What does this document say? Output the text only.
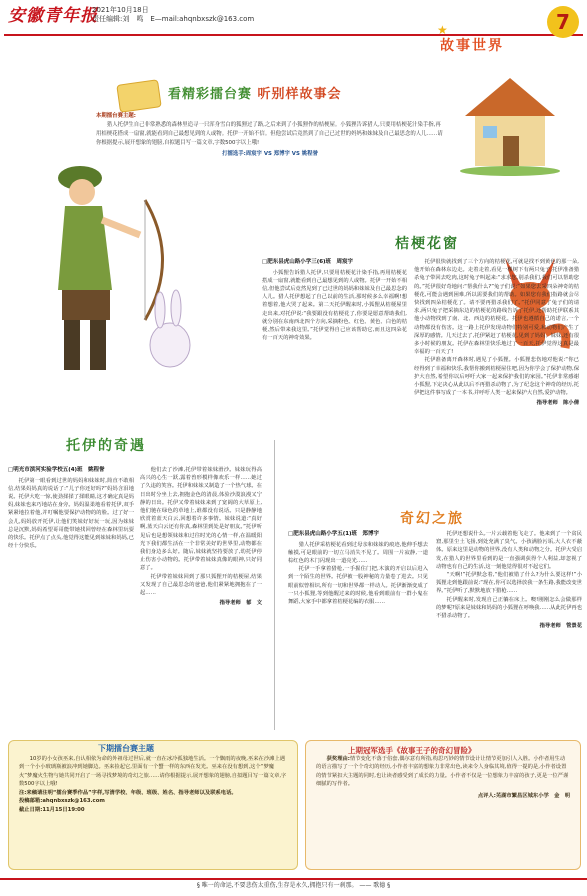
安徽青年报
2021年10月18日
责任编辑:刘　鸣　E—mail:ahqnbxszk@163.com
★
故事世界
7
看精彩擂台赛 听别样故事会
本期擂台赛主题:
猎人托伊生自己非常熟悉的森林里追寻一只浑身雪白的狐狸过了路,之后来到了小狐狸作的桔梗屋。小狐狸告诉猎人,只要用桔梗花汁染手指,再用桔梗花搭成一扇窗,就能看到自己最想见到的人或物。托伊一开始不信。但他尝试后竟然到了自己已过世的妈妈和妹妹及自己最思念的人儿……请你根据提示,展开想象的翅膀,自拟题目写一篇文章,字数500字以上哦!
打擂选手:周宸宇 VS 郑博宇 VS 姚程誉
桔梗花窗
托伊的奇遇
奇幻之旅
□肥东县虎山路小学三(6)班　周宸宇
小狐狸告诉猎人托伊,只要用桔梗花汁染手指,再用桔梗花搭成一扇窗,就能看到自己最想见到的人或物。托伊一开始不相信,但他尝试后竟然见到了已过世的妈妈和妹妹及自己最思念的人儿。猎人托伊想起了自己以前的生活,那时候多么幸福啊!想着想着,他大哭了起来。第二天托伊醒来时,小狐狸从桔梗屋里走出来,对托伊说:“我要跟没有桔梗花了,你要是愿意帮助我们,就分别在东南西北四个方向,采摘粉色、红色、黄色、白色的桔梗,然后带来我这里。”托伊觉得自己应该帮助它,而且这四朵花有一百天的神奇效果。
托伊很快就找到了三个方向的桔梗花,可就是找不到黄色的那一朵,他开始在森林东边走。走着走着,看见一棵树下有两只兔子,托伊准备猎杀兔子带回去吃肉,这时兔子叫起来:“求求您,别杀我们,我们可以帮助您的。”托伊很好奇地问:“帮我什么?”兔子们说:“如果您去采四朵神奇的桔梗花,可能会遇到困难,所以需要我们的帮助。如果您有我们指路就会尽快找到四朵桔梗花了。请不要再猎杀我们了。”托伊同意了兔子们的请求,两只兔子把采摘东边的桔梗花的路线告诉了托伊,还帮助托伊联系其他小动物找到了南、北、西边的桔梗花。托伊也遵循自己的诺言,一个动物都没有伤害。这一路上托伊发现动物们特别可爱,和动物们产生了深厚的感情。几天过去了,托伊紧赶了桔梗花,见到了妈妈、妹妹,还有很多小时候的朋友。托伊在森林里快乐地过了一百天,托伊觉得这真是最幸福的一百天了!
托伊准备离开森林时,遇见了小狐狸。小狐狸悲伤地对他说:“你已经得到了幸福和快乐,我帮你搬到桔梗屋住吧,因为你学会了保护动物,保护大自然,希望你以后呼吁大家一起来保护我们的家园。”托伊非常感谢小狐狸,下定决心从此以后不再猎杀动物了,为了纪念这个神奇的经历,托伊把这件事写成了一本书,并呼吁人类一起来保护大自然,爱护动物。
指导老师　陈小倩
□明光市滨河实验学校五(4)班　姚程誉
托伊第一眼看到过世的妈妈和妹妹时,简直不敢相信,结果妈妈真的说话了:“儿子你还好吗?”妈妈含泪地说。托伊大吃一惊,使劲揉揉了揉眼睛,这才确定真是妈妈,妹妹也来巧地站在身旁。妈妈温柔地看着托伊,双手紧紧地拉着他,并叮嘱他要保护动物的的脸。过了好一会儿,妈妈放开托伊,让他们笑妹好好玩一玩,因为妹妹总是沉默,妈妈希望哥哥能带她找回曾经在森林里玩耍的快乐。托伊点了点头,他觉得这能见到妹妹和妈妈,已经十分快乐。
他们去了沙滩,托伊带着妹妹滑沙。妹妹玩得高高兴的心生一跃,露着兽形模样像欢乐一样……她过了久违的笑容。托伊和妹妹又制造了一个热气球。在日出时分坐上去,拥抱金色的清晨,体验沙漠浪漫又宁静的日出。托伊又带着妹妹来到了宽阔的大草原上,他们驰在绿色的草地上,谁都没有说话。只是静静地欣赏着蓝天白云,回想着许多事情。妹妹说道:“真好啊,蓝天白云还有你真,森林里到处是好朋友。”托伊听见后也是想领妹妹和过往时光的心情一样,在温暖阳光下我们都生活在一个非常美好的世界里,动物都在我们身边多么好。随后,妹妹就坚持要放了,幼托伊停止伤害小动物的。托伊带着妹妹真像的眼神,只好同意了。
托伊带着妹妹回到了那只狐狸开的桔梗屋,结果又发现了自己最思念的爸爸,他们紧紧地拥抱在了一起……
指导老师　郁　文
□肥东县虎山路小学五(1)班　郑博宇
猎人托伊采桔梗花看到过母亲和妹妹的痕迹,他伸手想去触摸,可是眼前的一切立马消失不见了。周围一片寂静,一道棕红色的木门闪现出一道亮光……
托伊一手拿着猎枪,一手握住门把,木演的开启以后进入到一个陌生的世界。托伊被一股神秘的力量卷了进去。只见眼前似曾相识,所有一切和世界都一样动人。托伊渐渐变成了一只小狐狸,等到他醒过来的时候,他看到眼前有一群小鬼在舞蹈,大家手中都拿着桔梗花编的衣服……
托伊还想说什么,一片云载着他飞走了。他来到了一个贫民窟,那里尘土飞扬,到处充满了臭气。小孩满脸污垢,大人衣不蔽体。原来这里是动物的世界,没有人类和动物之分。托伊大受启发,在猎人的世界里看到的是一直强调获得个人利益,却忽视了动物也有自己的生活,这一刻他觉得很对不起它们。
“天啊!”托伊默念着,“他们被错了什么?为什么要这样!”小狐狸走到他跟前说:“现在,你可以选择放我一条生路,我能改变世界。”托伊听了,默默地放下猎枪……
托伊醒来时,发现自己正躺在床上。噢!刚刚怎么会做那样的梦呢?原来是妹妹和妈妈的小狐狸在呼唤我……从此托伊再也不猎杀动物了。
指导老师　管景花
10岁的小女孩巫来,自认相依为命的外祖母过世后,就一直在冰冷孤独地生活。一个飘雨的夜晚,巫来在沙滩上遇到一个小小玻璃瓶被浪冲到她脚边。巫来捡起它,里面有一个蟹一样的东西在发光。巫来在没有想到,这个“梦魔火”梦魔火生物与她共同开启了一场寻找梦境的奇幻之旅……请你根据提示,展开想象的翅膀,自拟题目写一篇文章,字数500字以上哦!
注:来稿请注明“擂台赛季作品”字样,写清学校、年级、班级、姓名、指导老师以及联系电话。
投稿邮箱:ahqnbxszk@163.com
截止日期:11月15日19:00
下期擂台赛主题
获奖理由:情节变化不落于俗套,偶尔意有所指,构思巧妙的情节设计让情节更加引人入胜。小作者用生动的语言描写了一个个奇幻的经历,小作者丰富的想象力非常出色,读来令人身临其境,值得一提的是,小作者设置的情节紧扣大主题的同时,也让读者感受到了成长的力量。小作者不仅是一位想象力丰富的孩子,更是一位严谨细腻的写作者。
点评人:芜湖市繁昌区城东小学　金　明
上期冠军选手《故事王子的奇幻冒险》
§ 唯一的命运,不要悲伤太重伤,生存是永久,拥抱只有一刹那。 —— 歌德 §
